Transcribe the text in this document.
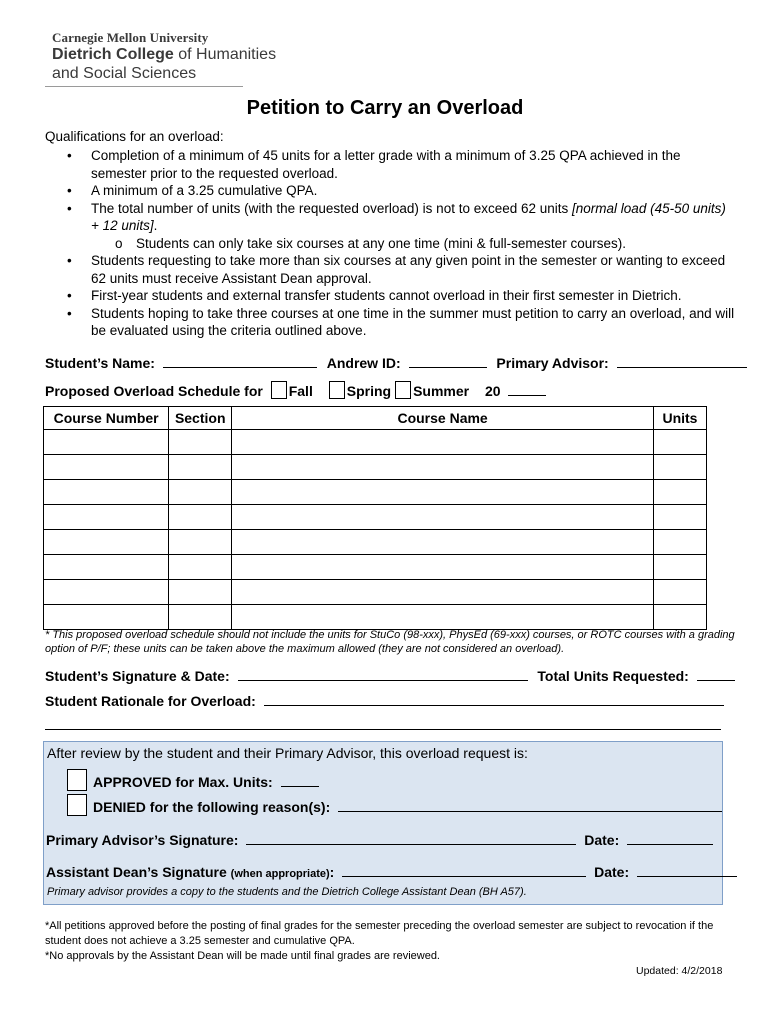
Carnegie Mellon University
Dietrich College of Humanities
and Social Sciences
Petition to Carry an Overload
Qualifications for an overload:
• Completion of a minimum of 45 units for a letter grade with a minimum of 3.25 QPA achieved in the semester prior to the requested overload.
• A minimum of a 3.25 cumulative QPA.
• The total number of units (with the requested overload) is not to exceed 62 units [normal load (45-50 units) + 12 units].
o Students can only take six courses at any one time (mini & full-semester courses).
• Students requesting to take more than six courses at any given point in the semester or wanting to exceed 62 units must receive Assistant Dean approval.
• First-year students and external transfer students cannot overload in their first semester in Dietrich.
• Students hoping to take three courses at one time in the summer must petition to carry an overload, and will be evaluated using the criteria outlined above.
Student’s Name:	Andrew ID:	Primary Advisor:
Proposed Overload Schedule for Fall Spring Summer 20
Course Number	Section	Course Name	Units

* This proposed overload schedule should not include the units for StuCo (98-xxx), PhysEd (69-xxx) courses, or ROTC courses with a grading option of P/F; these units can be taken above the maximum allowed (they are not considered an overload).
Student’s Signature & Date:	Total Units Requested:
Student Rationale for Overload:
After review by the student and their Primary Advisor, this overload request is:
APPROVED for Max. Units:
DENIED for the following reason(s):
Primary Advisor’s Signature:	Date:
Assistant Dean’s Signature (when appropriate):	Date:
Primary advisor provides a copy to the students and the Dietrich College Assistant Dean (BH A57).
*All petitions approved before the posting of final grades for the semester preceding the overload semester are subject to revocation if the student does not achieve a 3.25 semester and cumulative QPA.
*No approvals by the Assistant Dean will be made until final grades are reviewed.
Updated: 4/2/2018
